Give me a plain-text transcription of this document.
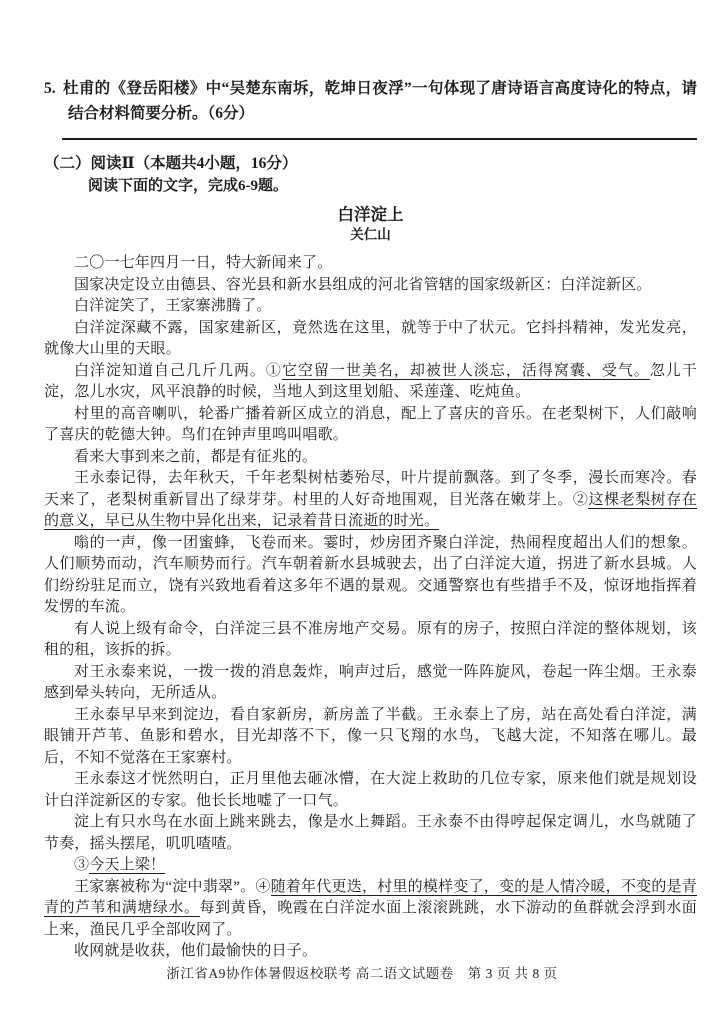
5. 杜甫的《登岳阳楼》中“吴楚东南坼，乾坤日夜浮”一句体现了唐诗语言高度诗化的特点，请结合材料简要分析。（6分）

（二）阅读Ⅱ（本题共4小题，16分）

阅读下面的文字，完成6-9题。

白洋淀上

关仁山

二〇一七年四月一日，特大新闻来了。

国家决定设立由德县、容光县和新水县组成的河北省管辖的国家级新区：白洋淀新区。

白洋淀笑了，王家寨沸腾了。

白洋淀深藏不露，国家建新区，竟然选在这里，就等于中了状元。它抖抖精神，发光发亮，就像大山里的天眼。

白洋淀知道自己几斤几两。①它空留一世美名，却被世人淡忘，活得窝囊、受气。忽儿干淀，忽儿水灾，风平浪静的时候，当地人到这里划船、采莲蓬、吃炖鱼。

村里的高音喇叭，轮番广播着新区成立的消息，配上了喜庆的音乐。在老梨树下，人们敲响了喜庆的乾德大钟。鸟们在钟声里鸣叫唱歌。

看来大事到来之前，都是有征兆的。

王永泰记得，去年秋天，千年老梨树枯萎殆尽，叶片提前飘落。到了冬季，漫长而寒冷。春天来了，老梨树重新冒出了绿芽芽。村里的人好奇地围观，目光落在嫩芽上。②这棵老梨树存在的意义，早已从生物中异化出来，记录着昔日流逝的时光。

嗡的一声，像一团蜜蜂，飞卷而来。霎时，炒房团齐聚白洋淀，热闹程度超出人们的想象。人们顺势而动，汽车顺势而行。汽车朝着新水县城驶去，出了白洋淀大道，拐进了新水县城。人们纷纷驻足而立，饶有兴致地看着这多年不遇的景观。交通警察也有些措手不及，惊讶地指挥着发愣的车流。

有人说上级有命令，白洋淀三县不准房地产交易。原有的房子，按照白洋淀的整体规划，该租的租，该拆的拆。

对王永泰来说，一拨一拨的消息轰炸，响声过后，感觉一阵阵旋风，卷起一阵尘烟。王永泰感到晕头转向，无所适从。

王永泰早早来到淀边，看自家新房，新房盖了半截。王永泰上了房，站在高处看白洋淀，满眼铺开芦苇、鱼影和碧水，目光却落不下，像一只飞翔的水鸟，飞越大淀，不知落在哪儿。最后，不知不觉落在王家寨村。

王永泰这才恍然明白，正月里他去砸冰懵，在大淀上救助的几位专家，原来他们就是规划设计白洋淀新区的专家。他长长地嘘了一口气。

淀上有只水鸟在水面上跳来跳去，像是水上舞蹈。王永泰不由得哼起保定调儿，水鸟就随了节奏，摇头摆尾，叽叽喳喳。

③今天上梁！

王家寨被称为“淀中翡翠”。④随着年代更迭，村里的模样变了，变的是人情冷暖，不变的是青青的芦苇和满塘绿水。每到黄昏，晚霞在白洋淀水面上滚滚跳跳，水下游动的鱼群就会浮到水面上来，渔民几乎全部收网了。

收网就是收获，他们最愉快的日子。

浙江省A9协作体暑假返校联考 高二语文试题卷　第 3 页 共 8 页
